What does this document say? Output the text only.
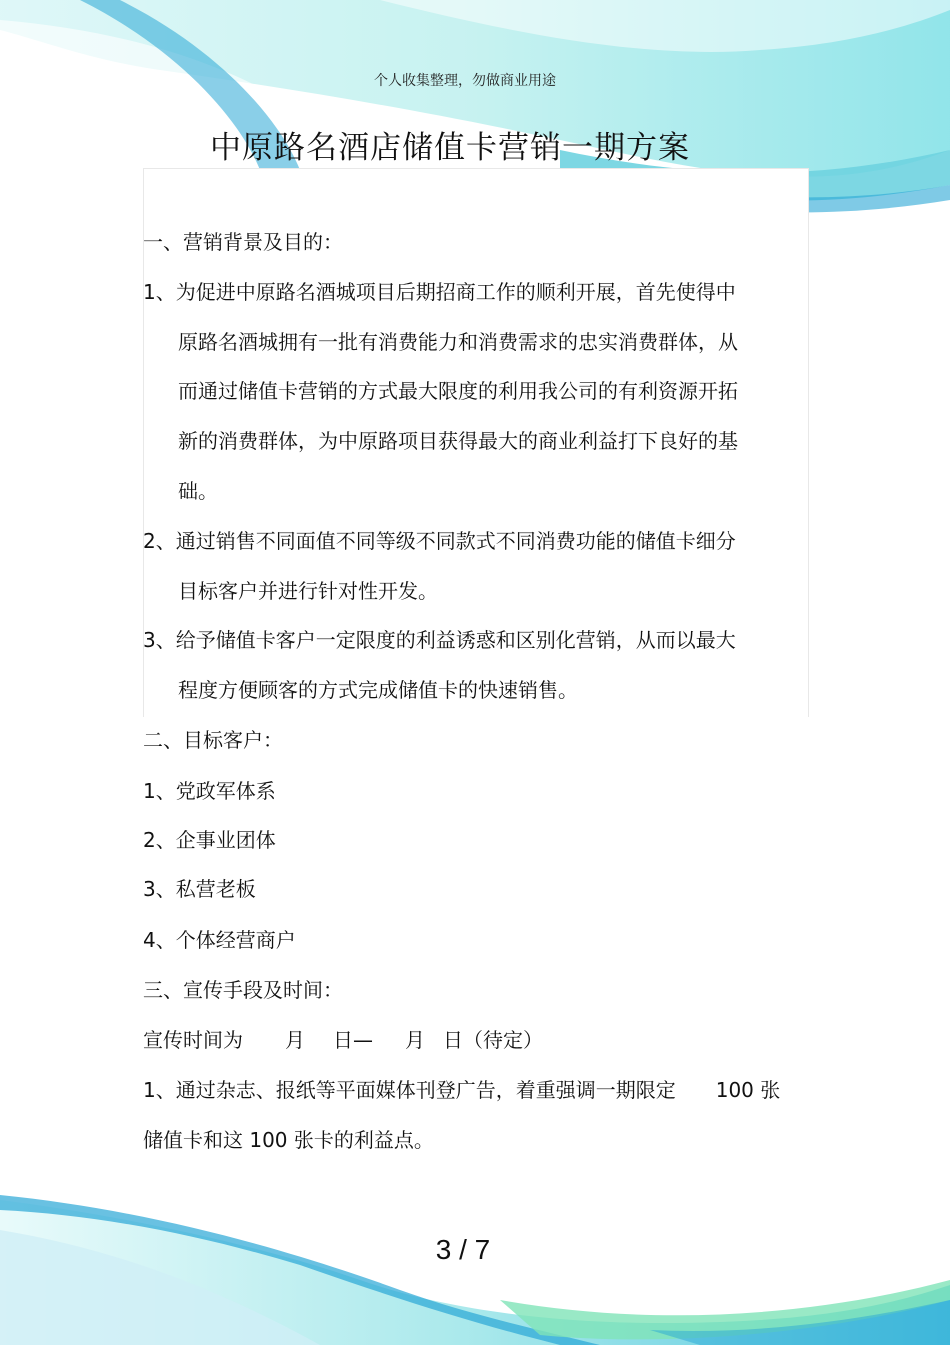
个人收集整理，勿做商业用途
中原路名酒店储值卡营销一期方案
一、营销背景及目的：
1、为促进中原路名酒城项目后期招商工作的顺利开展，首先使得中
原路名酒城拥有一批有消费能力和消费需求的忠实消费群体，从
而通过储值卡营销的方式最大限度的利用我公司的有利资源开拓
新的消费群体，为中原路项目获得最大的商业利益打下良好的基
础。
2、通过销售不同面值不同等级不同款式不同消费功能的储值卡细分
目标客户并进行针对性开发。
3、给予储值卡客户一定限度的利益诱惑和区别化营销，从而以最大
程度方便顾客的方式完成储值卡的快速销售。
二、目标客户：
1、党政军体系
2、企事业团体
3、私营老板
4、个体经营商户
三、宣传手段及时间：
宣传时间为 月 日— 月 日（待定）
1、通过杂志、报纸等平面媒体刊登广告，着重强调一期限定 100 张
储值卡和这 100 张卡的利益点。
3 / 7
